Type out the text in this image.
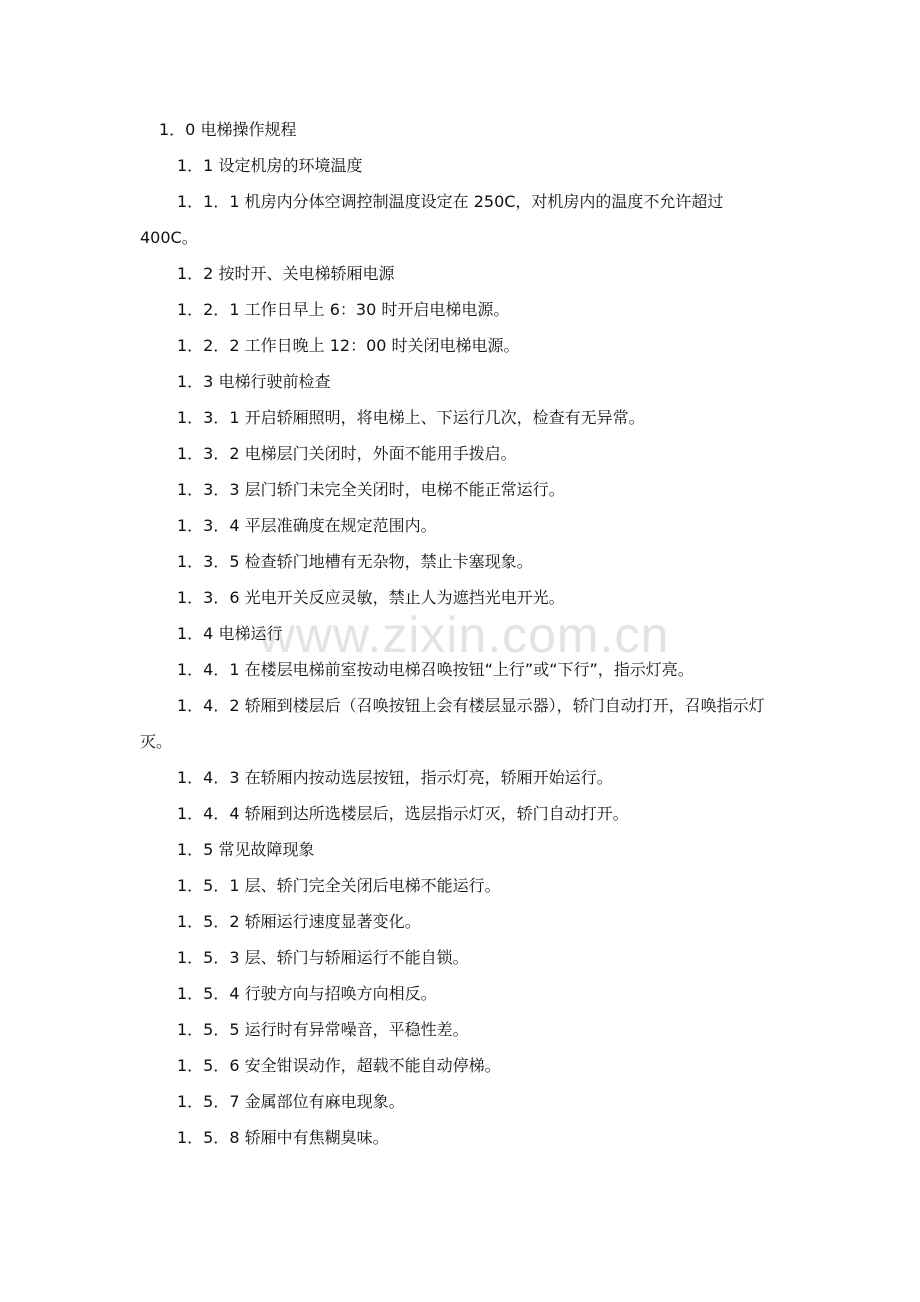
www.zixin.com.cn
1．0 电梯操作规程
1．1 设定机房的环境温度
1．1．1 机房内分体空调控制温度设定在 250C，对机房内的温度不允许超过 400C。
1．2 按时开、关电梯轿厢电源
1．2．1 工作日早上 6：30 时开启电梯电源。
1．2．2 工作日晚上 12：00 时关闭电梯电源。
1．3 电梯行驶前检查
1．3．1 开启轿厢照明，将电梯上、下运行几次，检查有无异常。
1．3．2 电梯层门关闭时，外面不能用手拨启。
1．3．3 层门轿门未完全关闭时，电梯不能正常运行。
1．3．4 平层准确度在规定范围内。
1．3．5 检查轿门地槽有无杂物，禁止卡塞现象。
1．3．6 光电开关反应灵敏，禁止人为遮挡光电开光。
1．4 电梯运行
1．4．1 在楼层电梯前室按动电梯召唤按钮“上行”或“下行”，指示灯亮。
1．4．2 轿厢到楼层后（召唤按钮上会有楼层显示器），轿门自动打开，召唤指示灯灭。
1．4．3 在轿厢内按动选层按钮，指示灯亮，轿厢开始运行。
1．4．4 轿厢到达所选楼层后，选层指示灯灭，轿门自动打开。
1．5 常见故障现象
1．5．1 层、轿门完全关闭后电梯不能运行。
1．5．2 轿厢运行速度显著变化。
1．5．3 层、轿门与轿厢运行不能自锁。
1．5．4 行驶方向与招唤方向相反。
1．5．5 运行时有异常噪音，平稳性差。
1．5．6 安全钳误动作，超载不能自动停梯。
1．5．7 金属部位有麻电现象。
1．5．8 轿厢中有焦糊臭味。
